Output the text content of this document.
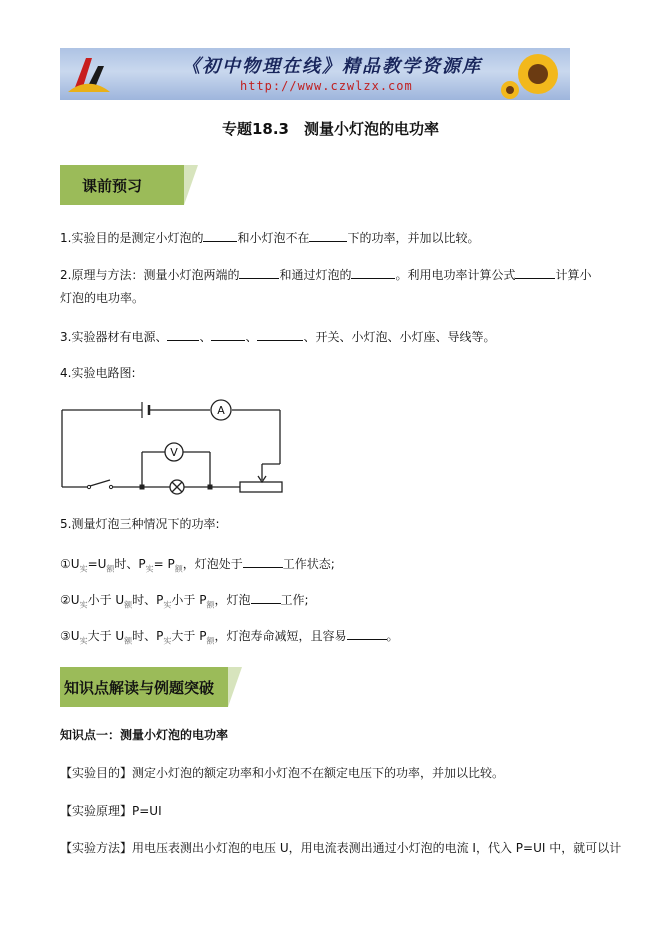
《初中物理在线》精品教学资源库
http://www.czwlzx.com
专题18.3　测量小灯泡的电功率
课前预习
1.实验目的是测定小灯泡的	和小灯泡不在	下的功率，并加以比较。
2.原理与方法：测量小灯泡两端的	和通过灯泡的	。利用电功率计算公式	计算小
灯泡的电功率。
3.实验器材有电源、	、	、	、开关、小灯泡、小灯座、导线等。
4.实验电路图:
A
V
5.测量灯泡三种情况下的功率:
$①U_实=U_额$时、$P_实= P_额$，灯泡处于	工作状态;
$②U_实$小于 $U_额$时、$P_实$小于 $P_额$，灯泡	工作;
$③U_实$大于 $U_额$时、$P_实$大于 $P_额$，灯泡寿命减短，且容易	。
知识点解读与例题突破
知识点一：测量小灯泡的电功率
【实验目的】测定小灯泡的额定功率和小灯泡不在额定电压下的功率，并加以比较。
【实验原理】P=UI
【实验方法】用电压表测出小灯泡的电压 U，用电流表测出通过小灯泡的电流 I，代入 P=UI 中，就可以计
